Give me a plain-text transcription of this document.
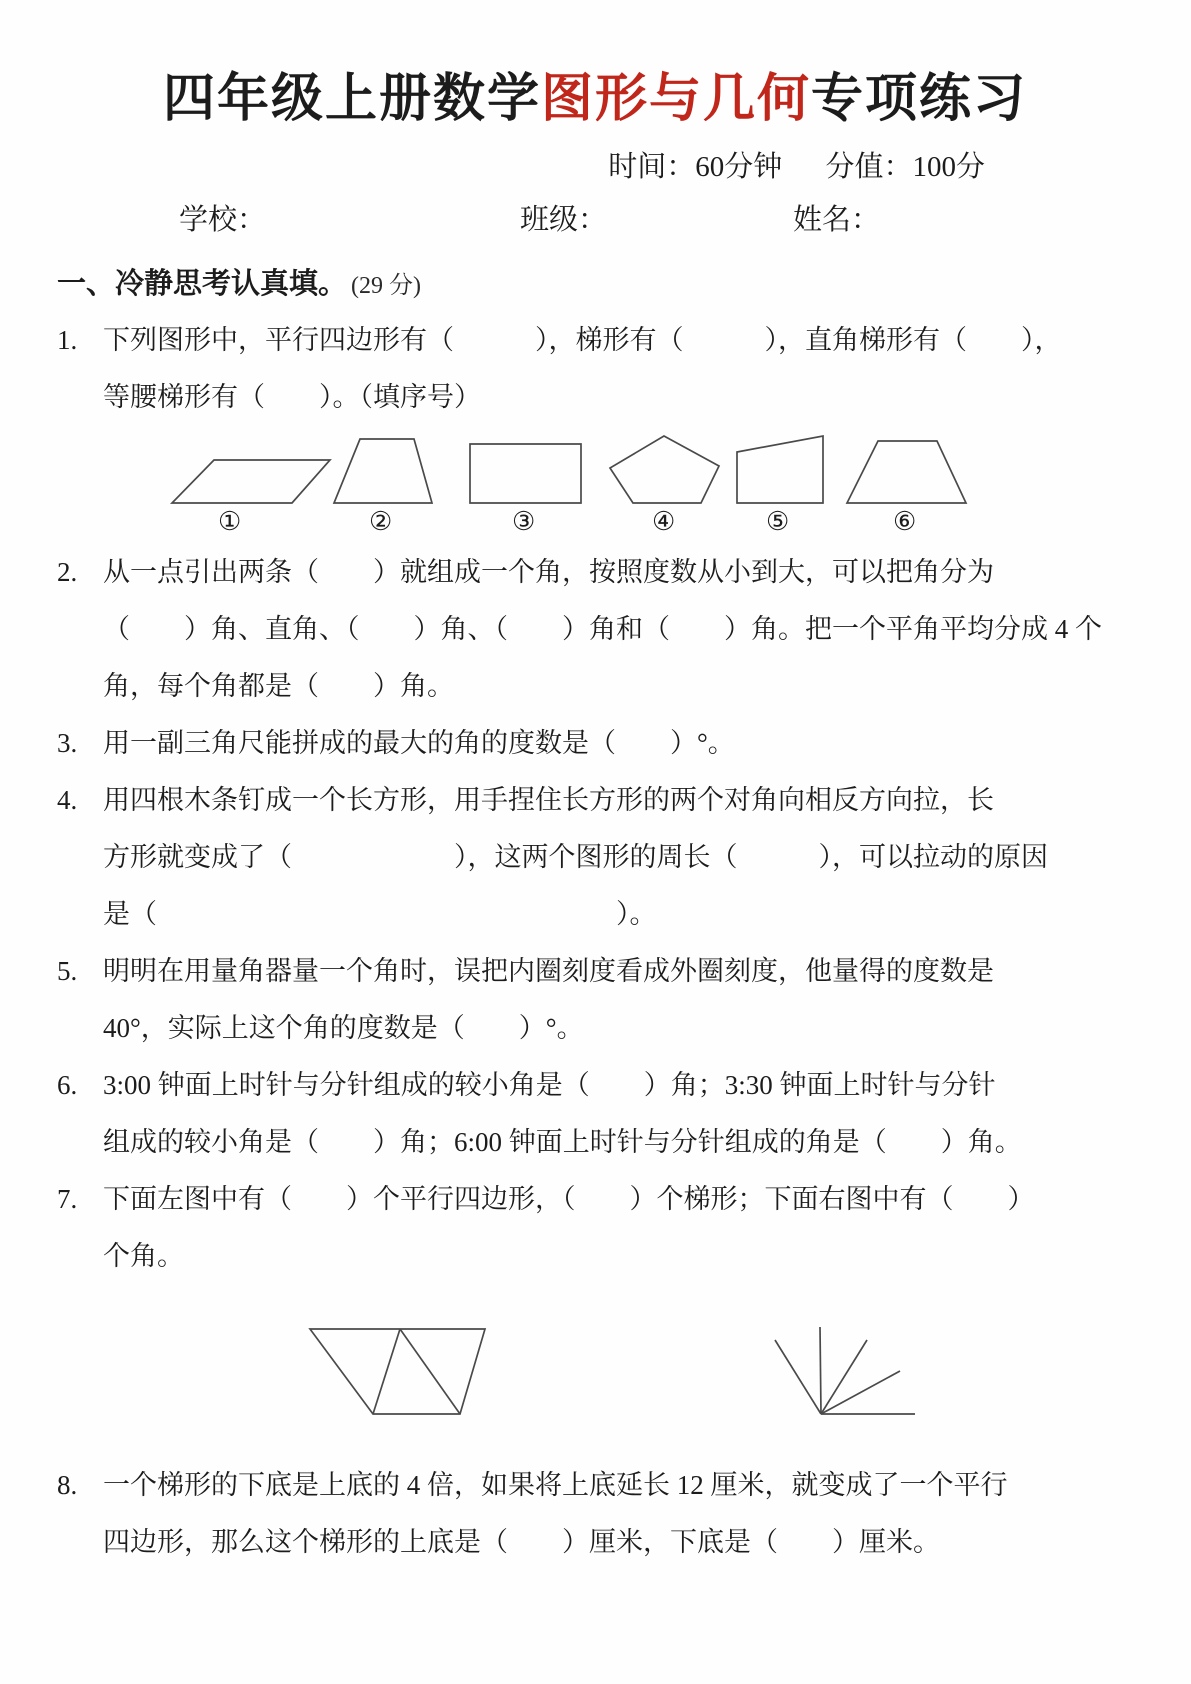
四年级上册数学图形与几何专项练习
时间：60分钟 分值：100分
学校：	班级：	姓名：
一、冷静思考认真填。 (29 分)
1. 下列图形中，平行四边形有（　　　），梯形有（　　　），直角梯形有（　　），
等腰梯形有（　　）。（填序号）
①	②	③	④	⑤	⑥
2. 从一点引出两条（　　）就组成一个角，按照度数从小到大，可以把角分为
（　　）角、直角、（　　）角、（　　）角和（　　）角。把一个平角平均分成 4 个
角，每个角都是（　　）角。
3. 用一副三角尺能拼成的最大的角的度数是（　　）°。
4. 用四根木条钉成一个长方形，用手捏住长方形的两个对角向相反方向拉，长
方形就变成了（　　　　　　），这两个图形的周长（　　　），可以拉动的原因
是（　　　　　　　　　　　　　　　　　）。
5. 明明在用量角器量一个角时，误把内圈刻度看成外圈刻度，他量得的度数是
40°，实际上这个角的度数是（　　）°。
6. 3:00 钟面上时针与分针组成的较小角是（　　）角；3:30 钟面上时针与分针
组成的较小角是（　　）角；6:00 钟面上时针与分针组成的角是（　　）角。
7. 下面左图中有（　　）个平行四边形，（　　）个梯形；下面右图中有（　　）
个角。
8. 一个梯形的下底是上底的 4 倍，如果将上底延长 12 厘米，就变成了一个平行
四边形，那么这个梯形的上底是（　　）厘米，下底是（　　）厘米。
